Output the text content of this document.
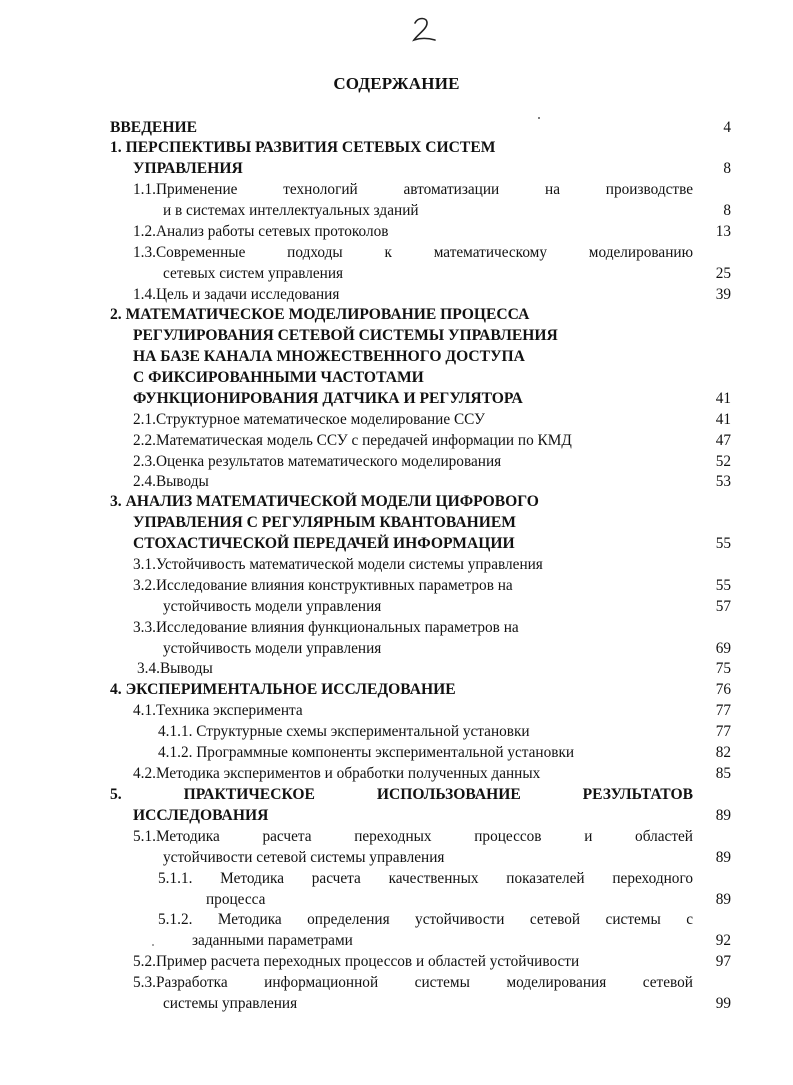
СОДЕРЖАНИЕ
ВВЕДЕНИЕ	4
1. ПЕРСПЕКТИВЫ РАЗВИТИЯ СЕТЕВЫХ СИСТЕМ
УПРАВЛЕНИЯ	8
1.1.Применение технологий автоматизации на производстве
и в системах интеллектуальных зданий	8
1.2.Анализ работы сетевых протоколов	13
1.3.Современные подходы к математическому моделированию
сетевых систем управления	25
1.4.Цель и задачи исследования	39
2. МАТЕМАТИЧЕСКОЕ МОДЕЛИРОВАНИЕ ПРОЦЕССА
РЕГУЛИРОВАНИЯ СЕТЕВОЙ СИСТЕМЫ УПРАВЛЕНИЯ
НА БАЗЕ КАНАЛА МНОЖЕСТВЕННОГО ДОСТУПА
С ФИКСИРОВАННЫМИ ЧАСТОТАМИ
ФУНКЦИОНИРОВАНИЯ ДАТЧИКА И РЕГУЛЯТОРА	41
2.1.Структурное математическое моделирование ССУ	41
2.2.Математическая модель ССУ с передачей информации по КМД	47
2.3.Оценка результатов математического моделирования	52
2.4.Выводы	53
3. АНАЛИЗ МАТЕМАТИЧЕСКОЙ МОДЕЛИ ЦИФРОВОГО
УПРАВЛЕНИЯ С РЕГУЛЯРНЫМ КВАНТОВАНИЕМ
СТОХАСТИЧЕСКОЙ ПЕРЕДАЧЕЙ ИНФОРМАЦИИ	55
3.1.Устойчивость математической модели системы управления
3.2.Исследование влияния конструктивных параметров на	55
устойчивость модели управления	57
3.3.Исследование влияния функциональных параметров на
устойчивость модели управления	69
3.4.Выводы	75
4. ЭКСПЕРИМЕНТАЛЬНОЕ ИССЛЕДОВАНИЕ	76
4.1.Техника эксперимента	77
4.1.1. Структурные схемы экспериментальной установки	77
4.1.2. Программные компоненты экспериментальной установки	82
4.2.Методика экспериментов и обработки полученных данных	85
5. ПРАКТИЧЕСКОЕ ИСПОЛЬЗОВАНИЕ РЕЗУЛЬТАТОВ
ИССЛЕДОВАНИЯ	89
5.1.Методика расчета переходных процессов и областей
устойчивости сетевой системы управления	89
5.1.1. Методика расчета качественных показателей переходного
процесса	89
5.1.2. Методика определения устойчивости сетевой системы с
заданными параметрами	92
5.2.Пример расчета переходных процессов и областей устойчивости	97
5.3.Разработка информационной системы моделирования сетевой
системы управления	99
